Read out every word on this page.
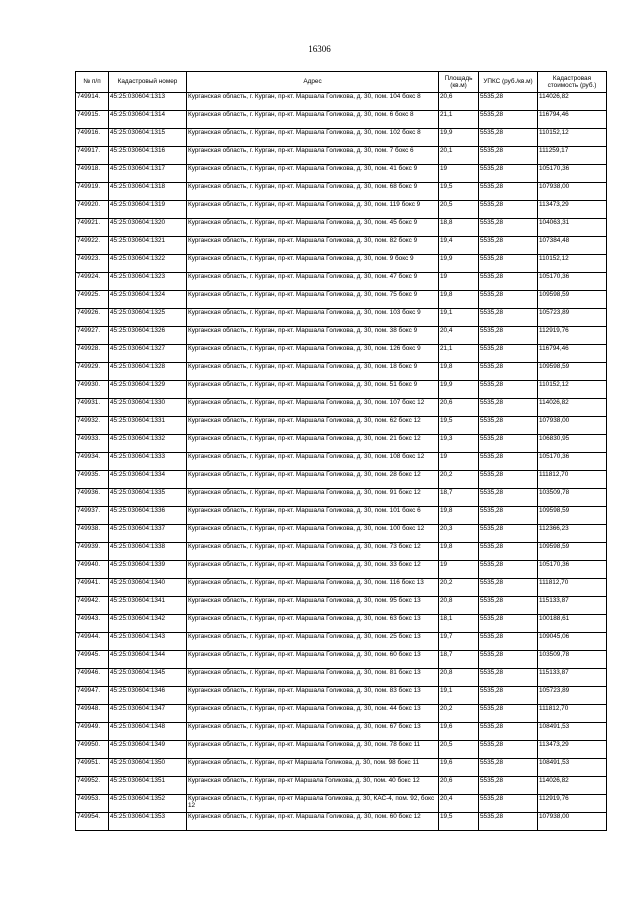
16306
№ п/п	Кадастровый номер	Адрес	Площадь (кв.м)	УПКС (руб./кв.м)	Кадастровая стоимость (руб.)
749914.	45:25:030604:1313	Курганская область, г. Курган, пр-кт. Маршала Голикова, д. 30, пом. 104 бокс 8	20,6	5535,28	114026,82
749915.	45:25:030604:1314	Курганская область, г. Курган, пр-кт. Маршала Голикова, д. 30, пом. 6 бокс 8	21,1	5535,28	116794,46
749916.	45:25:030604:1315	Курганская область, г. Курган, пр-кт. Маршала Голикова, д. 30, пом. 102 бокс 8	19,9	5535,28	110152,12
749917.	45:25:030604:1316	Курганская область, г. Курган, пр-кт. Маршала Голикова, д. 30, пом. 7 бокс 6	20,1	5535,28	111259,17
749918.	45:25:030604:1317	Курганская область, г. Курган, пр-кт. Маршала Голикова, д. 30, пом. 41 бокс 9	19	5535,28	105170,36
749919.	45:25:030604:1318	Курганская область, г. Курган, пр-кт. Маршала Голикова, д. 30, пом. 68 бокс 9	19,5	5535,28	107938,00
749920.	45:25:030604:1319	Курганская область, г. Курган, пр-кт. Маршала Голикова, д. 30, пом. 119 бокс 9	20,5	5535,28	113473,29
749921.	45:25:030604:1320	Курганская область, г. Курган, пр-кт. Маршала Голикова, д. 30, пом. 45 бокс 9	18,8	5535,28	104063,31
749922.	45:25:030604:1321	Курганская область, г. Курган, пр-кт. Маршала Голикова, д. 30, пом. 82 бокс 9	19,4	5535,28	107384,48
749923.	45:25:030604:1322	Курганская область, г. Курган, пр-кт. Маршала Голикова, д. 30, пом. 9 бокс 9	19,9	5535,28	110152,12
749924.	45:25:030604:1323	Курганская область, г. Курган, пр-кт. Маршала Голикова, д. 30, пом. 47 бокс 9	19	5535,28	105170,36
749925.	45:25:030604:1324	Курганская область, г. Курган, пр-кт. Маршала Голикова, д. 30, пом. 75 бокс 9	19,8	5535,28	109598,59
749926.	45:25:030604:1325	Курганская область, г. Курган, пр-кт. Маршала Голикова, д. 30, пом. 103 бокс 9	19,1	5535,28	105723,89
749927.	45:25:030604:1326	Курганская область, г. Курган, пр-кт. Маршала Голикова, д. 30, пом. 38 бокс 9	20,4	5535,28	112919,76
749928.	45:25:030604:1327	Курганская область, г. Курган, пр-кт. Маршала Голикова, д. 30, пом. 126 бокс 9	21,1	5535,28	116794,46
749929.	45:25:030604:1328	Курганская область, г. Курган, пр-кт. Маршала Голикова, д. 30, пом. 18 бокс 9	19,8	5535,28	109598,59
749930.	45:25:030604:1329	Курганская область, г. Курган, пр-кт. Маршала Голикова, д. 30, пом. 51 бокс 9	19,9	5535,28	110152,12
749931.	45:25:030604:1330	Курганская область, г. Курган, пр-кт. Маршала Голикова, д. 30, пом. 107 бокс 12	20,6	5535,28	114026,82
749932.	45:25:030604:1331	Курганская область, г. Курган, пр-кт. Маршала Голикова, д. 30, пом. 62 бокс 12	19,5	5535,28	107938,00
749933.	45:25:030604:1332	Курганская область, г. Курган, пр-кт. Маршала Голикова, д. 30, пом. 21 бокс 12	19,3	5535,28	106830,95
749934.	45:25:030604:1333	Курганская область, г. Курган, пр-кт. Маршала Голикова, д. 30, пом. 108 бокс 12	19	5535,28	105170,36
749935.	45:25:030604:1334	Курганская область, г. Курган, пр-кт. Маршала Голикова, д. 30, пом. 28 бокс 12	20,2	5535,28	111812,70
749936.	45:25:030604:1335	Курганская область, г. Курган, пр-кт. Маршала Голикова, д. 30, пом. 91 бокс 12	18,7	5535,28	103509,78
749937.	45:25:030604:1336	Курганская область, г. Курган, пр-кт. Маршала Голикова, д. 30, пом. 101 бокс 6	19,8	5535,28	109598,59
749938.	45:25:030604:1337	Курганская область, г. Курган, пр-кт. Маршала Голикова, д. 30, пом. 100 бокс 12	20,3	5535,28	112366,23
749939.	45:25:030604:1338	Курганская область, г. Курган, пр-кт. Маршала Голикова, д. 30, пом. 73 бокс 12	19,8	5535,28	109598,59
749940.	45:25:030604:1339	Курганская область, г. Курган, пр-кт. Маршала Голикова, д. 30, пом. 33 бокс 12	19	5535,28	105170,36
749941.	45:25:030604:1340	Курганская область, г. Курган, пр-кт. Маршала Голикова, д. 30, пом. 116 бокс 13	20,2	5535,28	111812,70
749942.	45:25:030604:1341	Курганская область, г. Курган, пр-кт. Маршала Голикова, д. 30, пом. 95 бокс 13	20,8	5535,28	115133,87
749943.	45:25:030604:1342	Курганская область, г. Курган, пр-кт. Маршала Голикова, д. 30, пом. 63 бокс 13	18,1	5535,28	100188,61
749944.	45:25:030604:1343	Курганская область, г. Курган, пр-кт. Маршала Голикова, д. 30, пом. 25 бокс 13	19,7	5535,28	109045,06
749945.	45:25:030604:1344	Курганская область, г. Курган, пр-кт. Маршала Голикова, д. 30, пом. 60 бокс 13	18,7	5535,28	103509,78
749946.	45:25:030604:1345	Курганская область, г. Курган, пр-кт. Маршала Голикова, д. 30, пом. 81 бокс 13	20,8	5535,28	115133,87
749947.	45:25:030604:1346	Курганская область, г. Курган, пр-кт. Маршала Голикова, д. 30, пом. 83 бокс 13	19,1	5535,28	105723,89
749948.	45:25:030604:1347	Курганская область, г. Курган, пр-кт. Маршала Голикова, д. 30, пом. 44 бокс 13	20,2	5535,28	111812,70
749949.	45:25:030604:1348	Курганская область, г. Курган, пр-кт. Маршала Голикова, д. 30, пом. 67 бокс 13	19,6	5535,28	108491,53
749950.	45:25:030604:1349	Курганская область, г. Курган, пр-кт. Маршала Голикова, д. 30, пом. 78 бокс 11	20,5	5535,28	113473,29
749951.	45:25:030604:1350	Курганская область, г. Курган, пр-кт Маршала Голикова, д. 30, пом. 98 бокс 11	19,6	5535,28	108491,53
749952.	45:25:030604:1351	Курганская область, г. Курган, пр-кт Маршала Голикова, д. 30, пом. 40 бокс 12	20,6	5535,28	114026,82
749953.	45:25:030604:1352	Курганская область, г. Курган, пр-кт Маршала Голикова, д. 30, КАС-4, пом. 92, бокс 12	20,4	5535,28	112919,76
749954.	45:25:030604:1353	Курганская область, г. Курган, пр-кт. Маршала Голикова, д. 30, пом. 60 бокс 12	19,5	5535,28	107938,00
